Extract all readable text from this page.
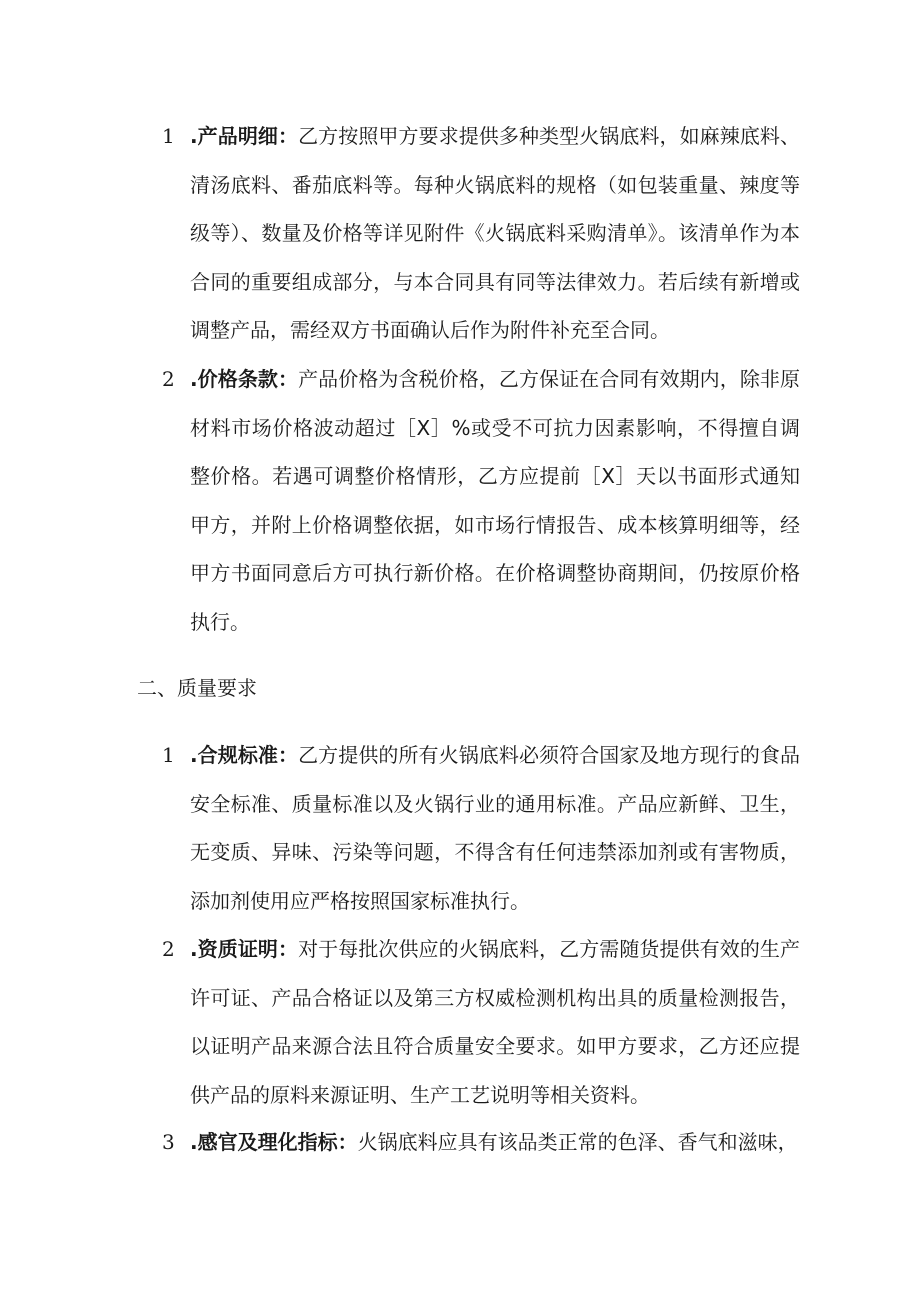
1 .产品明细：乙方按照甲方要求提供多种类型火锅底料，如麻辣底料、清汤底料、番茄底料等。每种火锅底料的规格（如包装重量、辣度等级等）、数量及价格等详见附件《火锅底料采购清单》。该清单作为本合同的重要组成部分，与本合同具有同等法律效力。若后续有新增或调整产品，需经双方书面确认后作为附件补充至合同。

2 .价格条款：产品价格为含税价格，乙方保证在合同有效期内，除非原材料市场价格波动超过［X］%或受不可抗力因素影响，不得擅自调整价格。若遇可调整价格情形，乙方应提前［X］天以书面形式通知甲方，并附上价格调整依据，如市场行情报告、成本核算明细等，经甲方书面同意后方可执行新价格。在价格调整协商期间，仍按原价格执行。

二、质量要求

1 .合规标准：乙方提供的所有火锅底料必须符合国家及地方现行的食品安全标准、质量标准以及火锅行业的通用标准。产品应新鲜、卫生，无变质、异味、污染等问题，不得含有任何违禁添加剂或有害物质，添加剂使用应严格按照国家标准执行。

2 .资质证明：对于每批次供应的火锅底料，乙方需随货提供有效的生产许可证、产品合格证以及第三方权威检测机构出具的质量检测报告，以证明产品来源合法且符合质量安全要求。如甲方要求，乙方还应提供产品的原料来源证明、生产工艺说明等相关资料。

3 .感官及理化指标：火锅底料应具有该品类正常的色泽、香气和滋味，
